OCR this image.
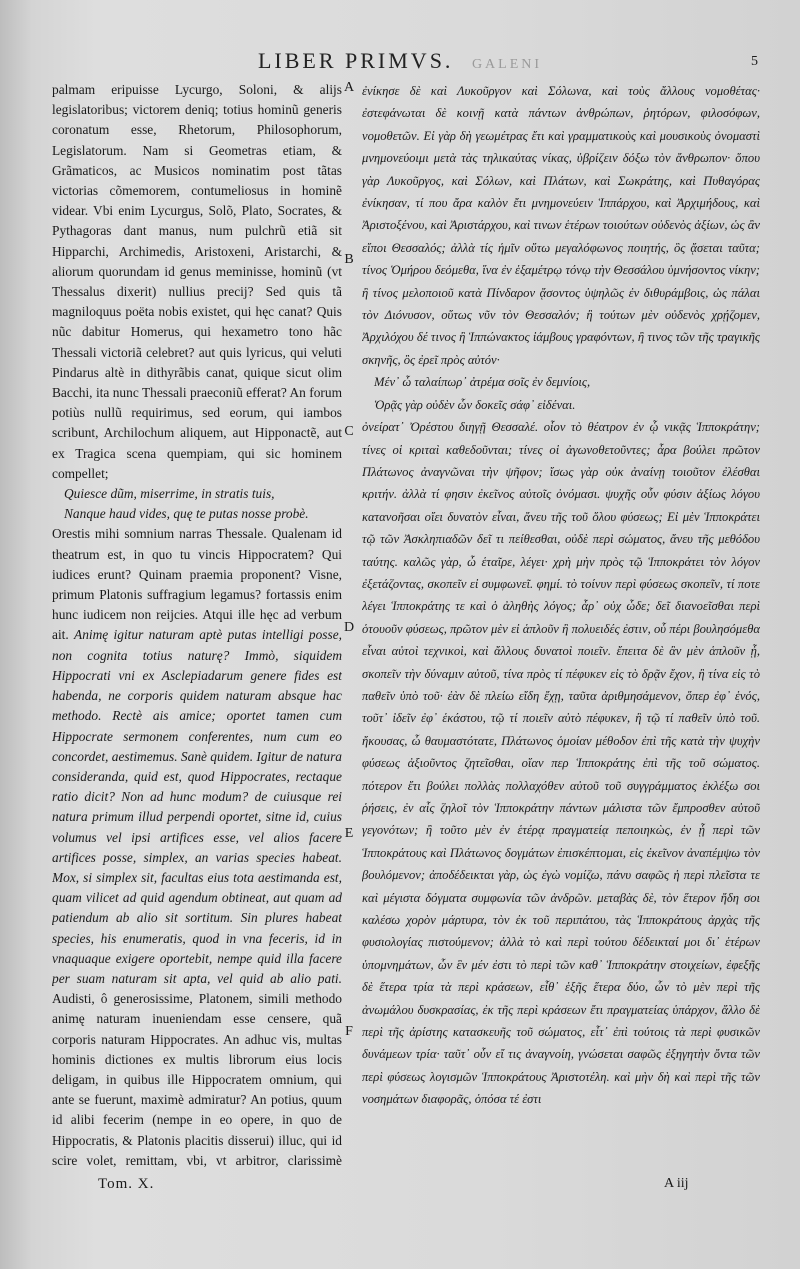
LIBER PRIMVS. GALENI	5

palmam eripuisse Lycurgo, Soloni, & alijs legislatoribus; victorem deniq; totius hominũ generis coronatum esse, Rhetorum, Philosophorum, Legislatorum. Nam si Geometras etiam, & Grãmaticos, ac Musicos nominatim post tãtas victorias cõmemorem, contumeliosus in hominẽ videar. Vbi enim Lycurgus, Solõ, Plato, Socrates, & Pythagoras dant manus, num pulchrũ etiã sit Hipparchi, Archimedis, Aristoxeni, Aristarchi, & aliorum quorundam id genus meminisse, hominũ (vt Thessalus dixerit) nullius precij? Sed quis tã magniloquus poëta nobis existet, qui hęc canat? Quis nũc dabitur Homerus, qui hexametro tono hãc Thessali victoriã celebret? aut quis lyricus, qui veluti Pindarus altè in dithyrãbis canat, quique sicut olim Bacchi, ita nunc Thessali praeconiũ efferat? An forum potiùs nullũ requirimus, sed eorum, qui iambos scribunt, Archilochum aliquem, aut Hipponactẽ, aut ex Tragica scena quempiam, qui sic hominem compellet;

Quiesce dũm, miserrime, in stratis tuis,

Nanque haud vides, quę te putas nosse probè.

Orestis mihi somnium narras Thessale. Qualenam id theatrum est, in quo tu vincis Hippocratem? Qui iudices erunt? Quinam praemia proponent? Visne, primum Platonis suffragium legamus? fortassis enim hunc iudicem non reijcies. Atqui ille hęc ad verbum ait. Animę igitur naturam aptè putas intelligi posse, non cognita totius naturę? Immò, siquidem Hippocrati vni ex Asclepiadarum genere fides est habenda, ne corporis quidem naturam absque hac methodo. Rectè ais amice; oportet tamen cum Hippocrate sermonem conferentes, num cum eo concordet, aestimemus. Sanè quidem. Igitur de natura consideranda, quid est, quod Hippocrates, rectaque ratio dicit? Non ad hunc modum? de cuiusque rei natura primum illud perpendi oportet, sitne id, cuius volumus vel ipsi artifices esse, vel alios facere artifices posse, simplex, an varias species habeat. Mox, si simplex sit, facultas eius tota aestimanda est, quam vilicet ad quid agendum obtineat, aut quam ad patiendum ab alio sit sortitum. Sin plures habeat species, his enumeratis, quod in vna feceris, id in vnaquaque exigere oportebit, nempe quid illa facere per suam naturam sit apta, vel quid ab alio pati. Audisti, ô generosissime, Platonem, simili methodo animę naturam inueniendam esse censere, quã corporis naturam Hippocrates. An adhuc vis, multas hominis dictiones ex multis librorum eius locis deligam, in quibus ille Hippocratem omnium, qui ante se fuerunt, maximè admiratur? An potius, quum id alibi fecerim (nempe in eo opere, in quo de Hippocratis, & Platonis placitis disserui) illuc, qui id scire volet, remittam, vbi, vt arbitror, clarissimè

A
B
C
D
E
F

ἐνίκησε δὲ καὶ Λυκοῦργον καὶ Σόλωνα, καὶ τοὺς ἄλλους νομοθέτας· ἐστεφάνωται δὲ κοινῇ κατὰ πάντων ἀνθρώπων, ῥητόρων, φιλοσόφων, νομοθετῶν. Εἰ γὰρ δὴ γεωμέτρας ἔτι καὶ γραμματικοὺς καὶ μουσικοὺς ὀνομαστὶ μνημονεύοιμι μετὰ τὰς τηλικαύτας νίκας, ὑβρίζειν δόξω τὸν ἄνθρωπον· ὅπου γὰρ Λυκοῦργος, καὶ Σόλων, καὶ Πλάτων, καὶ Σωκράτης, καὶ Πυθαγόρας ἐνίκησαν, τί που ἄρα καλὸν ἔτι μνημονεύειν Ἱππάρχου, καὶ Ἀρχιμήδους, καὶ Ἀριστοξένου, καὶ Ἀριστάρχου, καὶ τινων ἑτέρων τοιούτων οὐδενὸς ἀξίων, ὡς ἂν εἴποι Θεσσαλός; ἀλλὰ τίς ἡμῖν οὕτω μεγαλόφωνος ποιητής, ὃς ᾄσεται ταῦτα; τίνος Ὁμήρου δεόμεθα, ἵνα ἐν ἑξαμέτρῳ τόνῳ τὴν Θεσσάλου ὑμνήσοντος νίκην; ἢ τίνος μελοποιοῦ κατὰ Πίνδαρον ᾄσοντος ὑψηλῶς ἐν διθυράμβοις, ὡς πάλαι τὸν Διόνυσον, οὕτως νῦν τὸν Θεσσαλόν; ἢ τούτων μὲν οὐδενὸς χρῄζομεν, Ἀρχιλόχου δέ τινος ἢ Ἱππώνακτος ἰάμβους γραφόντων, ἢ τινος τῶν τῆς τραγικῆς σκηνῆς, ὃς ἐρεῖ πρὸς αὐτόν·

Μέν᾽ ὦ ταλαίπωρ᾽ ἀτρέμα σοῖς ἐν δεμνίοις,

Ὁρᾷς γὰρ οὐδὲν ὧν δοκεῖς σάφ᾽ εἰδέναι.

ὀνείρατ᾽ Ὀρέστου διηγῇ Θεσσαλέ. οἷον τὸ θέατρον ἐν ᾧ νικᾷς Ἱπποκράτην; τίνες οἱ κριταὶ καθεδοῦνται; τίνες οἱ ἀγωνοθετοῦντες; ἆρα βούλει πρῶτον Πλάτωνος ἀναγνῶναι τὴν ψῆφον; ἴσως γὰρ οὐκ ἀναίνῃ τοιοῦτον ἐλέσθαι κριτήν. ἀλλὰ τί φησιν ἐκεῖνος αὐτοῖς ὀνόμασι. ψυχῆς οὖν φύσιν ἀξίως λόγου κατανοῆσαι οἴει δυνατὸν εἶναι, ἄνευ τῆς τοῦ ὅλου φύσεως; Εἰ μὲν Ἱπποκράτει τῷ τῶν Ἀσκληπιαδῶν δεῖ τι πείθεσθαι, οὐδὲ περὶ σώματος, ἄνευ τῆς μεθόδου ταύτης. καλῶς γὰρ, ὦ ἑταῖρε, λέγει· χρὴ μὴν πρὸς τῷ Ἱπποκράτει τὸν λόγον ἐξετάζοντας, σκοπεῖν εἰ συμφωνεῖ. φημί. τὸ τοίνυν περὶ φύσεως σκοπεῖν, τί ποτε λέγει Ἱπποκράτης τε καὶ ὁ ἀληθὴς λόγος; ἆρ᾽ οὐχ ὧδε; δεῖ διανοεῖσθαι περὶ ὁτουοῦν φύσεως, πρῶτον μὲν εἰ ἁπλοῦν ἢ πολυειδές ἐστιν, οὗ πέρι βουλησόμεθα εἶναι αὐτοὶ τεχνικοὶ, καὶ ἄλλους δυνατοὶ ποιεῖν. ἔπειτα δὲ ἂν μὲν ἁπλοῦν ᾖ, σκοπεῖν τὴν δύναμιν αὐτοῦ, τίνα πρὸς τί πέφυκεν εἰς τὸ δρᾷν ἔχον, ἢ τίνα εἰς τὸ παθεῖν ὑπὸ τοῦ· ἐὰν δὲ πλείω εἴδη ἔχῃ, ταῦτα ἀριθμησάμενον, ὅπερ ἐφ᾽ ἑνός, τοῦτ᾽ ἰδεῖν ἐφ᾽ ἑκάστου, τῷ τί ποιεῖν αὐτὸ πέφυκεν, ἢ τῷ τί παθεῖν ὑπὸ τοῦ. ἤκουσας, ὦ θαυμαστότατε, Πλάτωνος ὁμοίαν μέθοδον ἐπὶ τῆς κατὰ τὴν ψυχὴν φύσεως ἀξιοῦντος ζητεῖσθαι, οἵαν περ Ἱπποκράτης ἐπὶ τῆς τοῦ σώματος. πότερον ἔτι βούλει πολλὰς πολλαχόθεν αὐτοῦ τοῦ συγγράμματος ἐκλέξω σοι ῥήσεις, ἐν αἷς ζηλοῖ τὸν Ἱπποκράτην πάντων μάλιστα τῶν ἔμπροσθεν αὐτοῦ γεγονότων; ἢ τοῦτο μὲν ἐν ἑτέρᾳ πραγματείᾳ πεποιηκὼς, ἐν ᾗ περὶ τῶν Ἱπποκράτους καὶ Πλάτωνος δογμάτων ἐπισκέπτομαι, εἰς ἐκεῖνον ἀναπέμψω τὸν βουλόμενον; ἀποδέδεικται γὰρ, ὡς ἐγὼ νομίζω, πάνυ σαφῶς ἡ περὶ πλεῖστα τε καὶ μέγιστα δόγματα συμφωνία τῶν ἀνδρῶν. μεταβὰς δὲ, τὸν ἕτερον ἤδη σοι καλέσω χορὸν μάρτυρα, τὸν ἐκ τοῦ περιπάτου, τὰς Ἱπποκράτους ἀρχὰς τῆς φυσιολογίας πιστούμενον; ἀλλὰ τὸ καὶ περὶ τούτου δέδεικταί μοι δι᾽ ἑτέρων ὑπομνημάτων, ὧν ἓν μέν ἐστι τὸ περὶ τῶν καθ᾽ Ἱπποκράτην στοιχείων, ἐφεξῆς δὲ ἕτερα τρία τὰ περὶ κράσεων, εἶθ᾽ ἑξῆς ἕτερα δύο, ὧν τὸ μὲν περὶ τῆς ἀνωμάλου δυσκρασίας, ἐκ τῆς περὶ κράσεων ἔτι πραγματείας ὑπάρχον, ἄλλο δὲ περὶ τῆς ἀρίστης κατασκευῆς τοῦ σώματος, εἶτ᾽ ἐπὶ τούτοις τὰ περὶ φυσικῶν δυνάμεων τρία· ταῦτ᾽ οὖν εἴ τις ἀναγνοίη, γνώσεται σαφῶς ἐξηγητὴν ὄντα τῶν περὶ φύσεως λογισμῶν Ἱπποκράτους Ἀριστοτέλη. καὶ μὴν δὴ καὶ περὶ τῆς τῶν νοσημάτων διαφορᾶς, ὁπόσα τέ ἐστι

Tom. X.	A iij
